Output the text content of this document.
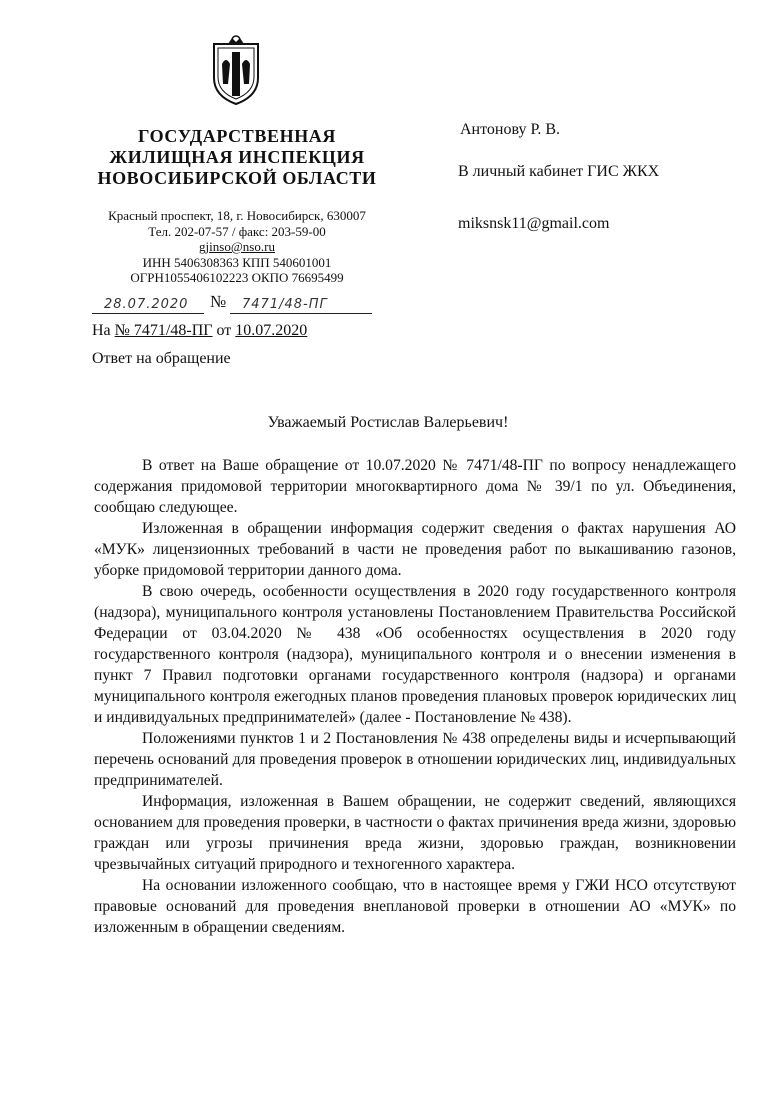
ГОСУДАРСТВЕННАЯ
ЖИЛИЩНАЯ ИНСПЕКЦИЯ
НОВОСИБИРСКОЙ ОБЛАСТИ
Красный проспект, 18, г. Новосибирск, 630007
Тел. 202-07-57 / факс: 203-59-00
gjinso@nso.ru
ИНН 5406308363 КПП 540601001
ОГРН1055406102223 ОКПО 76695499
28.07.2020 № 7471/48-ПГ
На № 7471/48-ПГ от 10.07.2020
Ответ на обращение
Антонову Р. В.
В личный кабинет ГИС ЖКХ
miksnsk11@gmail.com
Уважаемый Ростислав Валерьевич!

В ответ на Ваше обращение от 10.07.2020 № 7471/48-ПГ по вопросу ненадлежащего содержания придомовой территории многоквартирного дома № 39/1 по ул. Объединения, сообщаю следующее.

Изложенная в обращении информация содержит сведения о фактах нарушения АО «МУК» лицензионных требований в части не проведения работ по выкашиванию газонов, уборке придомовой территории данного дома.

В свою очередь, особенности осуществления в 2020 году государственного контроля (надзора), муниципального контроля установлены Постановлением Правительства Российской Федерации от 03.04.2020 № 438 «Об особенностях осуществления в 2020 году государственного контроля (надзора), муниципального контроля и о внесении изменения в пункт 7 Правил подготовки органами государственного контроля (надзора) и органами муниципального контроля ежегодных планов проведения плановых проверок юридических лиц и индивидуальных предпринимателей» (далее - Постановление № 438).

Положениями пунктов 1 и 2 Постановления № 438 определены виды и исчерпывающий перечень оснований для проведения проверок в отношении юридических лиц, индивидуальных предпринимателей.

Информация, изложенная в Вашем обращении, не содержит сведений, являющихся основанием для проведения проверки, в частности о фактах причинения вреда жизни, здоровью граждан или угрозы причинения вреда жизни, здоровью граждан, возникновении чрезвычайных ситуаций природного и техногенного характера.

На основании изложенного сообщаю, что в настоящее время у ГЖИ НСО отсутствуют правовые оснований для проведения внеплановой проверки в отношении АО «МУК» по изложенным в обращении сведениям.
